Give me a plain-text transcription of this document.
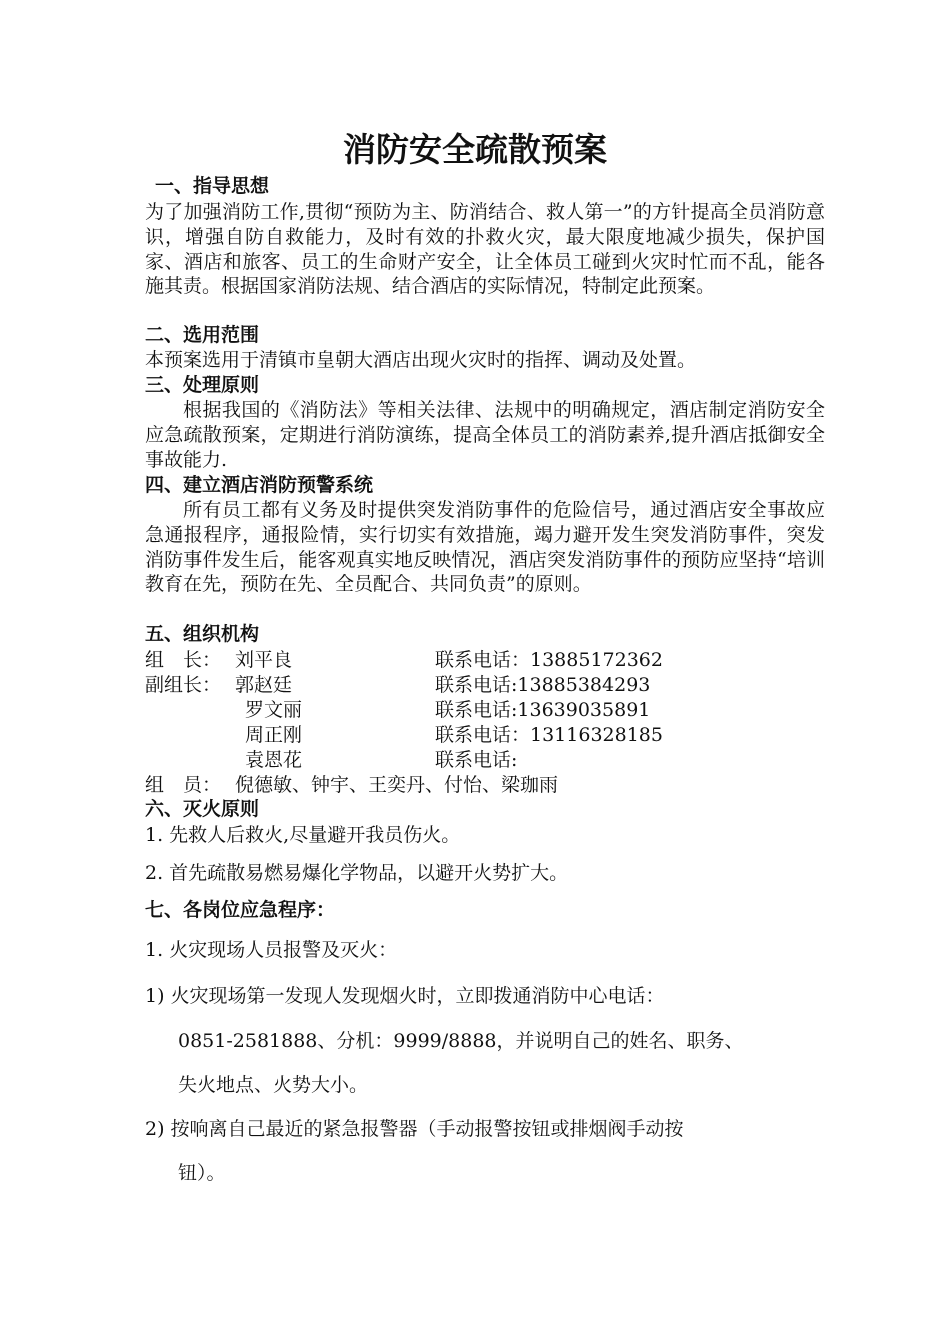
消防安全疏散预案
一、指导思想
为了加强消防工作,贯彻“预防为主、防消结合、救人第一”的方针提高全员消防意识，增强自防自救能力，及时有效的扑救火灾，最大限度地减少损失，保护国家、酒店和旅客、员工的生命财产安全，让全体员工碰到火灾时忙而不乱，能各施其责。根据国家消防法规、结合酒店的实际情况，特制定此预案。
二、选用范围
本预案选用于清镇市皇朝大酒店出现火灾时的指挥、调动及处置。
三、处理原则
根据我国的《消防法》等相关法律、法规中的明确规定，酒店制定消防安全应急疏散预案，定期进行消防演练，提高全体员工的消防素养,提升酒店抵御安全事故能力.
四、建立酒店消防预警系统
所有员工都有义务及时提供突发消防事件的危险信号，通过酒店安全事故应急通报程序，通报险情，实行切实有效措施，竭力避开发生突发消防事件，突发消防事件发生后，能客观真实地反映情况，酒店突发消防事件的预防应坚持“培训教育在先，预防在先、全员配合、共同负责”的原则。
五、组织机构
组　长： 刘平良	联系电话：13885172362
副组长： 郭赵廷	联系电话:13885384293
罗文丽	联系电话:13639035891
周正刚	联系电话：13116328185
袁恩花	联系电话:
组　员： 倪德敏、钟宇、王奕丹、付怡、梁珈雨
六、灭火原则
1. 先救人后救火,尽量避开我员伤火。
2. 首先疏散易燃易爆化学物品，以避开火势扩大。
七、各岗位应急程序：
1. 火灾现场人员报警及灭火：
1) 火灾现场第一发现人发现烟火时，立即拨通消防中心电话：
0851-2581888、分机：9999/8888，并说明自己的姓名、职务、
失火地点、火势大小。
2) 按响离自己最近的紧急报警器（手动报警按钮或排烟阀手动按
钮）。
